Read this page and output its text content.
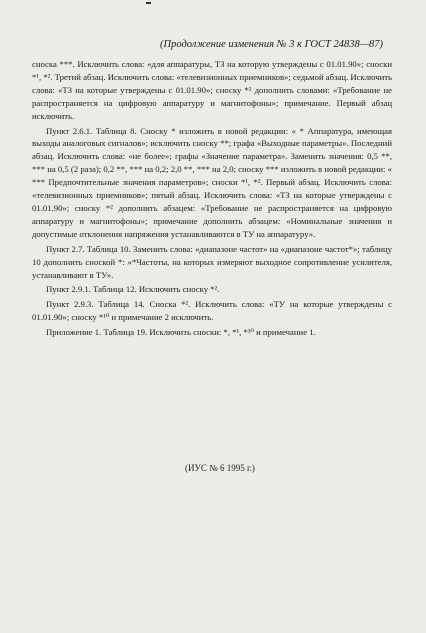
(Продолжение изменения № 3 к ГОСТ 24838—87)

сноска ***. Исключить слова: «для аппаратуры, ТЗ на которую утверждены с 01.01.90»; сноски *¹, *². Третий абзац. Исключить слова: «телевизионных приемников»; седьмой абзац. Исключить слова: «ТЗ на которые утверждены с 01.01.90»; сноску *² дополнить словами: «Требование не распространяется на цифровую аппаратуру и магнитофоны»; примечание. Первый абзац исключить.

Пункт 2.6.1. Таблица 8. Сноску * изложить в новой редакции: « * Аппаратура, имеющая выходы аналоговых сигналов»; исключить сноску **; графа «Выходные параметры». Последний абзац. Исключить слова: «не более»; графы «Значение параметра». Заменить значения: 0,5 **, *** на 0,5 (2 раза); 0,2 **, *** на 0,2; 2,0 **, *** на 2,0; сноску *** изложить в новой редакции: « *** Предпочтительные значения параметров»; сноски *¹, *². Первый абзац. Исключить слова: «телевизионных приемников»; пятый абзац. Исключить слова: «ТЗ на которые утверждены с 01.01.90»; сноску *² дополнить абзацем: «Требование не распространяется на цифровую аппаратуру и магнитофоны»; примечание дополнить абзацем: «Номинальные значения и допустимые отклонения напряжения устанавливаются в ТУ на аппаратуру».

Пункт 2.7. Таблица 10. Заменить слова: «диапазоне частот» на «диапазоне частот*»; таблицу 10 дополнить сноской *: «*Частоты, на которых измеряют выходное сопротивление усилителя, устанавливают в ТУ».

Пункт 2.9.1. Таблица 12. Исключить сноску *².

Пункт 2.9.3. Таблица 14. Сноска *². Исключить слова: «ТУ на которые утверждены с 01.01.90»; сноску *¹⁰ и примечание 2 исключить.

Приложение 1. Таблица 19. Исключить сноски: *, *¹, *¹⁰ и примечание 1.

(ИУС № 6 1995 г.)
